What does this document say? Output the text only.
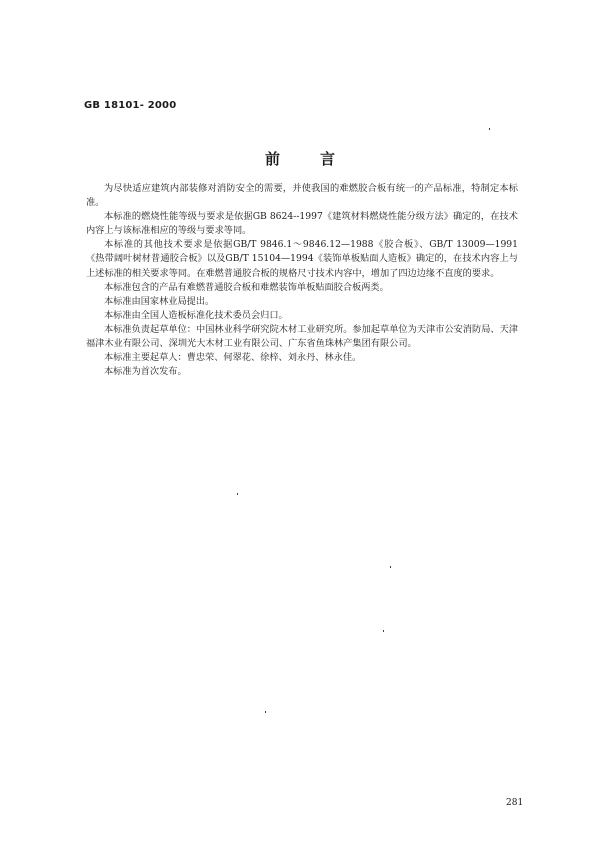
GB 18101- 2000
前	言

为尽快适应建筑内部装修对消防安全的需要，并使我国的难燃胶合板有统一的产品标准，特制定本标准。

本标准的燃烧性能等级与要求是依据GB 8624--1997《建筑材料燃烧性能分级方法》确定的，在技术内容上与该标准相应的等级与要求等同。

本标准的其他技术要求是依据GB/T 9846.1～9846.12—1988《胶合板》、GB/T 13009—1991《热带阔叶树材普通胶合板》以及GB/T 15104—1994《装饰单板贴面人造板》确定的，在技术内容上与上述标准的相关要求等同。在难燃普通胶合板的规格尺寸技术内容中，增加了四边边缘不直度的要求。

本标准包含的产品有难燃普通胶合板和难燃装饰单板贴面胶合板两类。

本标准由国家林业局提出。

本标准由全国人造板标准化技术委员会归口。

本标准负责起草单位：中国林业科学研究院木材工业研究所。参加起草单位为天津市公安消防局、天津福津木业有限公司、深圳光大木材工业有限公司、广东省鱼珠林产集团有限公司。

本标准主要起草人：曹忠荣、何翠花、徐梓、刘永丹、林永佳。

本标准为首次发布。

281
